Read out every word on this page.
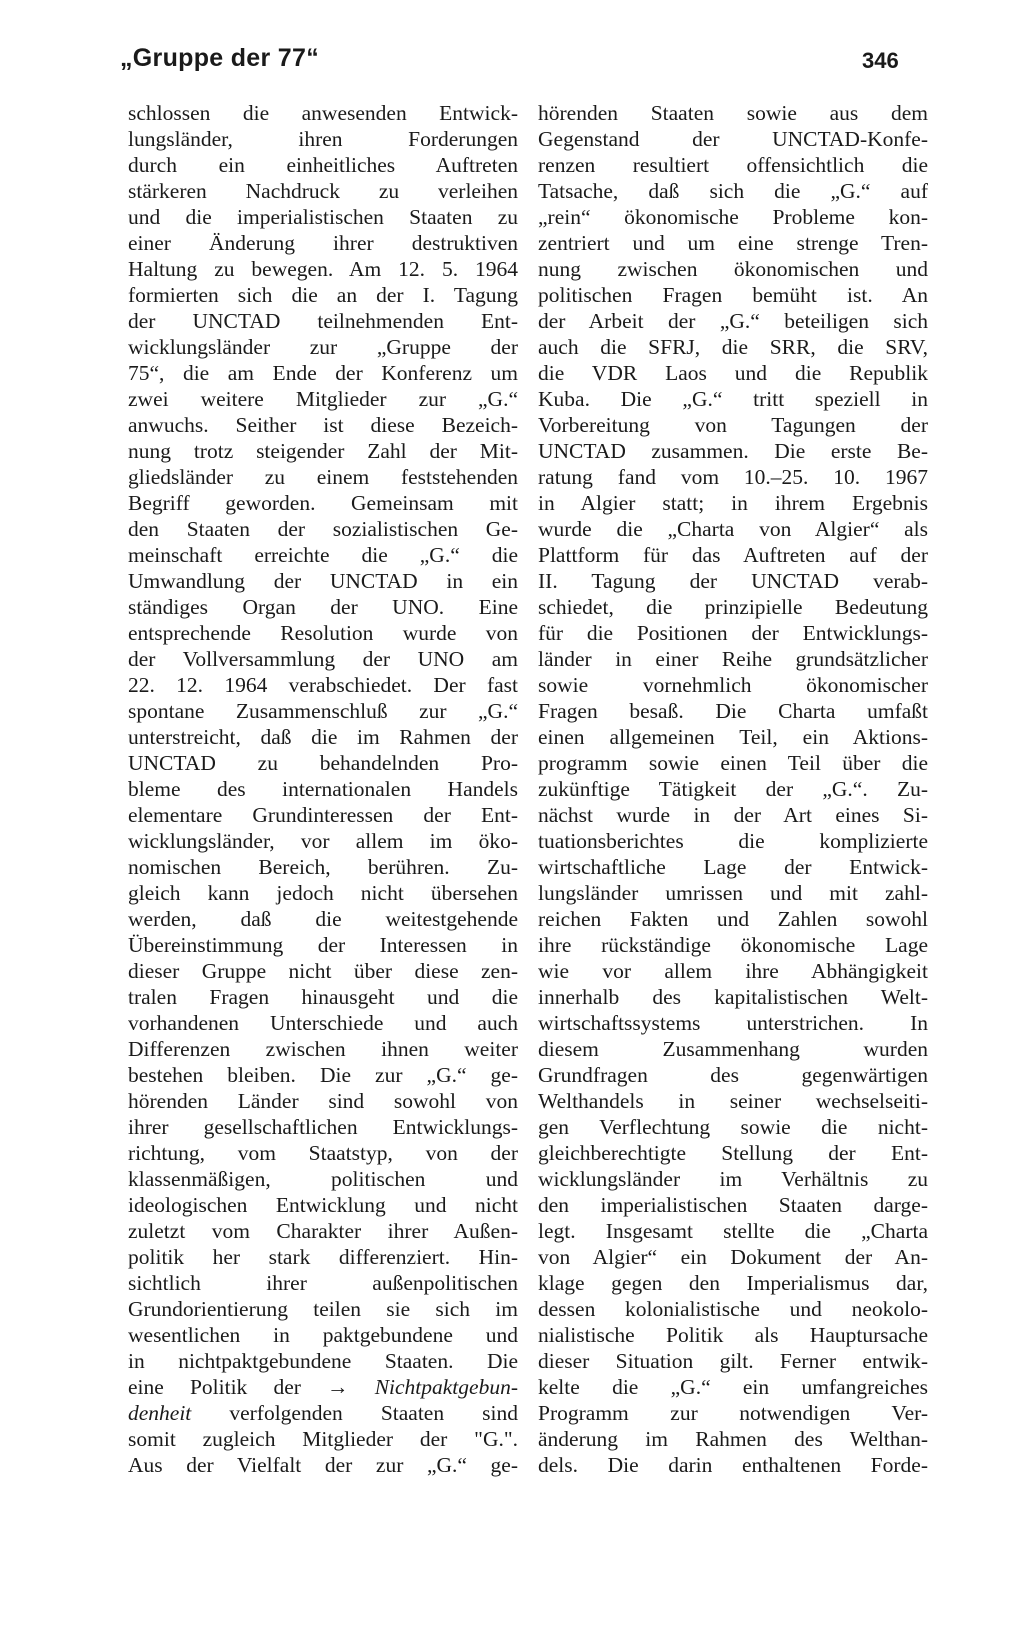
„Gruppe der 77“	346
schlossen die anwesenden Entwick-
lungsländer, ihren Forderungen
durch ein einheitliches Auftreten
stärkeren Nachdruck zu verleihen
und die imperialistischen Staaten zu
einer Änderung ihrer destruktiven
Haltung zu bewegen. Am 12. 5. 1964
formierten sich die an der I. Tagung
der UNCTAD teilnehmenden Ent-
wicklungsländer zur „Gruppe der
75“, die am Ende der Konferenz um
zwei weitere Mitglieder zur „G.“
anwuchs. Seither ist diese Bezeich-
nung trotz steigender Zahl der Mit-
gliedsländer zu einem feststehenden
Begriff geworden. Gemeinsam mit
den Staaten der sozialistischen Ge-
meinschaft erreichte die „G.“ die
Umwandlung der UNCTAD in ein
ständiges Organ der UNO. Eine
entsprechende Resolution wurde von
der Vollversammlung der UNO am
22. 12. 1964 verabschiedet. Der fast
spontane Zusammenschluß zur „G.“
unterstreicht, daß die im Rahmen der
UNCTAD zu behandelnden Pro-
bleme des internationalen Handels
elementare Grundinteressen der Ent-
wicklungsländer, vor allem im öko-
nomischen Bereich, berühren. Zu-
gleich kann jedoch nicht übersehen
werden, daß die weitestgehende
Übereinstimmung der Interessen in
dieser Gruppe nicht über diese zen-
tralen Fragen hinausgeht und die
vorhandenen Unterschiede und auch
Differenzen zwischen ihnen weiter
bestehen bleiben. Die zur „G.“ ge-
hörenden Länder sind sowohl von
ihrer gesellschaftlichen Entwicklungs-
richtung, vom Staatstyp, von der
klassenmäßigen, politischen und
ideologischen Entwicklung und nicht
zuletzt vom Charakter ihrer Außen-
politik her stark differenziert. Hin-
sichtlich ihrer außenpolitischen
Grundorientierung teilen sie sich im
wesentlichen in paktgebundene und
in nichtpaktgebundene Staaten. Die
eine Politik der → Nichtpaktgebun-
denheit verfolgenden Staaten sind
somit zugleich Mitglieder der "G.".
Aus der Vielfalt der zur „G.“ ge-
hörenden Staaten sowie aus dem
Gegenstand der UNCTAD-Konfe-
renzen resultiert offensichtlich die
Tatsache, daß sich die „G.“ auf
„rein“ ökonomische Probleme kon-
zentriert und um eine strenge Tren-
nung zwischen ökonomischen und
politischen Fragen bemüht ist. An
der Arbeit der „G.“ beteiligen sich
auch die SFRJ, die SRR, die SRV,
die VDR Laos und die Republik
Kuba. Die „G.“ tritt speziell in
Vorbereitung von Tagungen der
UNCTAD zusammen. Die erste Be-
ratung fand vom 10.–25. 10. 1967
in Algier statt; in ihrem Ergebnis
wurde die „Charta von Algier“ als
Plattform für das Auftreten auf der
II. Tagung der UNCTAD verab-
schiedet, die prinzipielle Bedeutung
für die Positionen der Entwicklungs-
länder in einer Reihe grundsätzlicher
sowie vornehmlich ökonomischer
Fragen besaß. Die Charta umfaßt
einen allgemeinen Teil, ein Aktions-
programm sowie einen Teil über die
zukünftige Tätigkeit der „G.“. Zu-
nächst wurde in der Art eines Si-
tuationsberichtes die komplizierte
wirtschaftliche Lage der Entwick-
lungsländer umrissen und mit zahl-
reichen Fakten und Zahlen sowohl
ihre rückständige ökonomische Lage
wie vor allem ihre Abhängigkeit
innerhalb des kapitalistischen Welt-
wirtschaftssystems unterstrichen. In
diesem Zusammenhang wurden
Grundfragen des gegenwärtigen
Welthandels in seiner wechselseiti-
gen Verflechtung sowie die nicht-
gleichberechtigte Stellung der Ent-
wicklungsländer im Verhältnis zu
den imperialistischen Staaten darge-
legt. Insgesamt stellte die „Charta
von Algier“ ein Dokument der An-
klage gegen den Imperialismus dar,
dessen kolonialistische und neokolo-
nialistische Politik als Hauptursache
dieser Situation gilt. Ferner entwik-
kelte die „G.“ ein umfangreiches
Programm zur notwendigen Ver-
änderung im Rahmen des Welthan-
dels. Die darin enthaltenen Forde-
